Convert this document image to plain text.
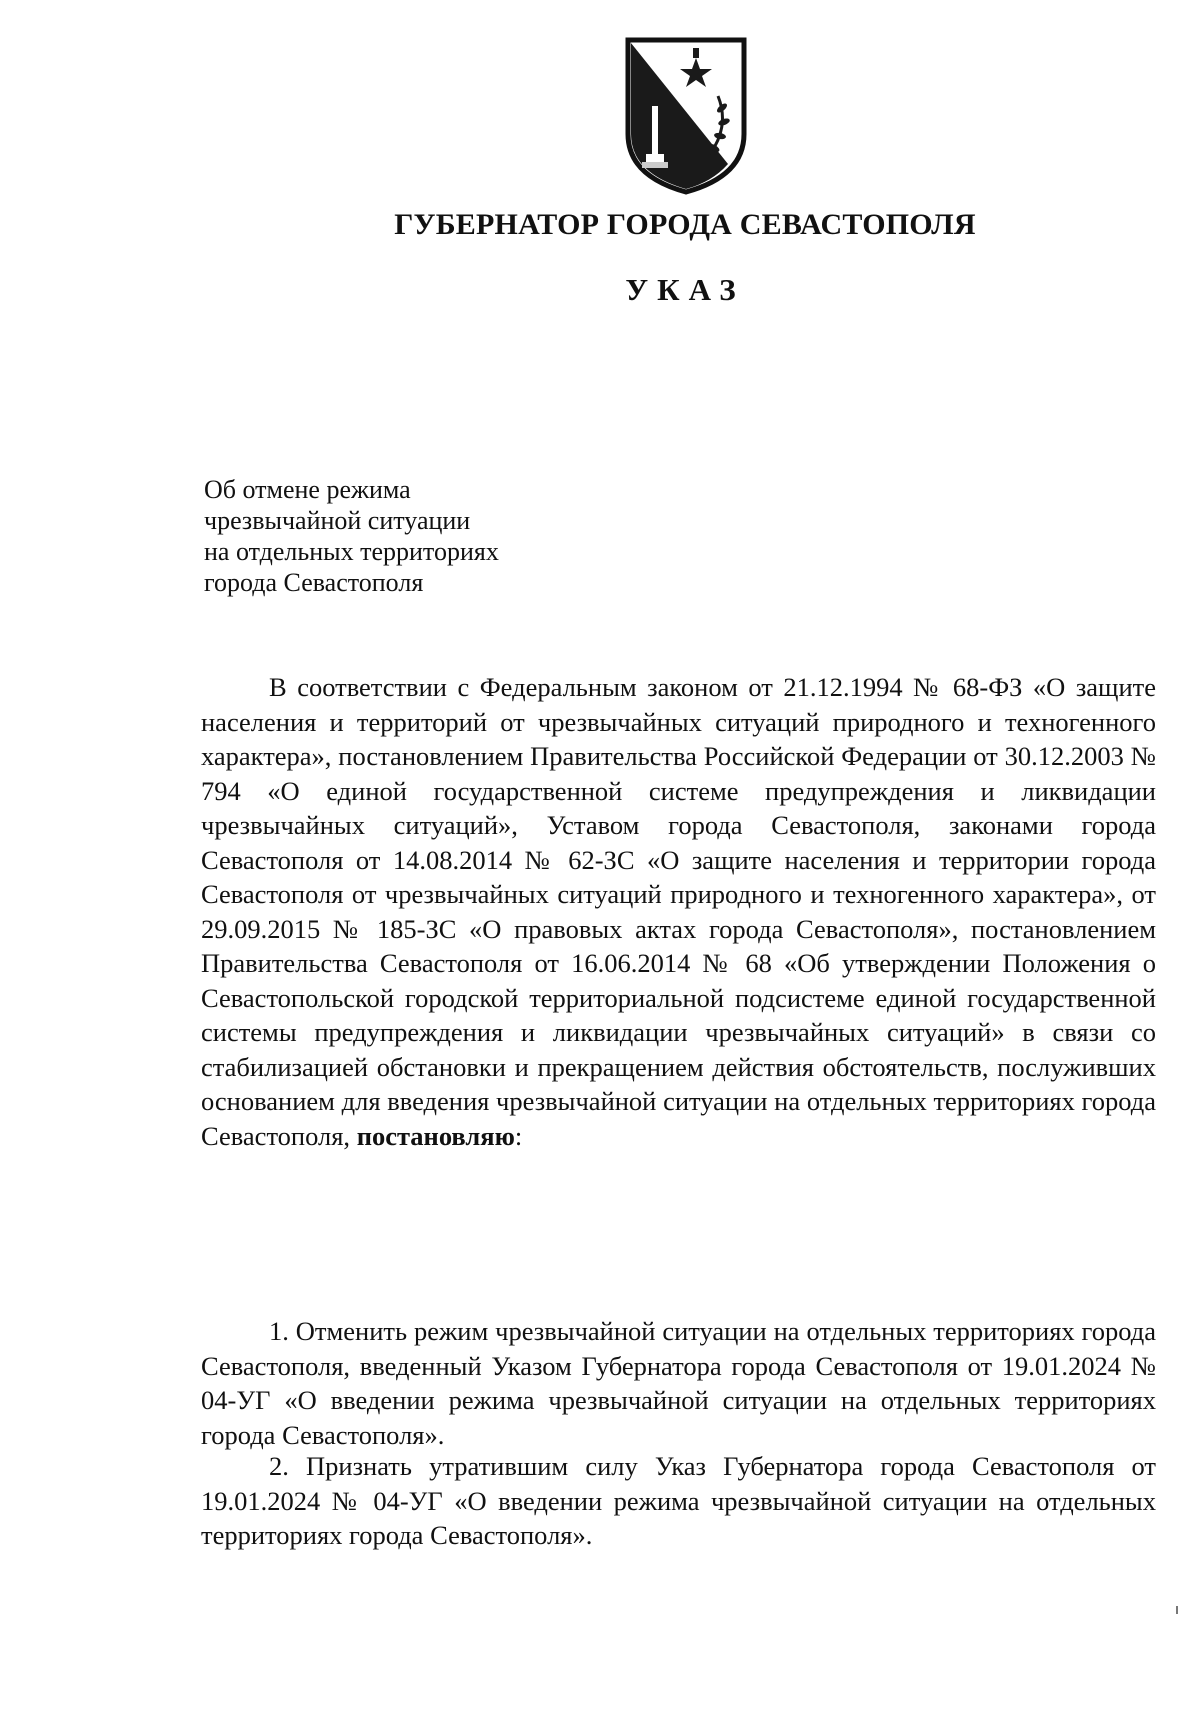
ГУБЕРНАТОР ГОРОДА СЕВАСТОПОЛЯ
УКАЗ
Об отмене режима
чрезвычайной ситуации
на отдельных территориях
города Севастополя
В соответствии с Федеральным законом от 21.12.1994 № 68-ФЗ «О защите населения и территорий от чрезвычайных ситуаций природного и техногенного характера», постановлением Правительства Российской Федерации от 30.12.2003 № 794 «О единой государственной системе предупреждения и ликвидации чрезвычайных ситуаций», Уставом города Севастополя, законами города Севастополя от 14.08.2014 № 62-ЗС «О защите населения и территории города Севастополя от чрезвычайных ситуаций природного и техногенного характера», от 29.09.2015 № 185-ЗС «О правовых актах города Севастополя», постановлением Правительства Севастополя от 16.06.2014 № 68 «Об утверждении Положения о Севастопольской городской территориальной подсистеме единой государственной системы предупреждения и ликвидации чрезвычайных ситуаций» в связи со стабилизацией обстановки и прекращением действия обстоятельств, послуживших основанием для введения чрезвычайной ситуации на отдельных территориях города Севастополя, постановляю:
1. Отменить режим чрезвычайной ситуации на отдельных территориях города Севастополя, введенный Указом Губернатора города Севастополя от 19.01.2024 № 04-УГ «О введении режима чрезвычайной ситуации на отдельных территориях города Севастополя».
2. Признать утратившим силу Указ Губернатора города Севастополя от 19.01.2024 № 04-УГ «О введении режима чрезвычайной ситуации на отдельных территориях города Севастополя».
